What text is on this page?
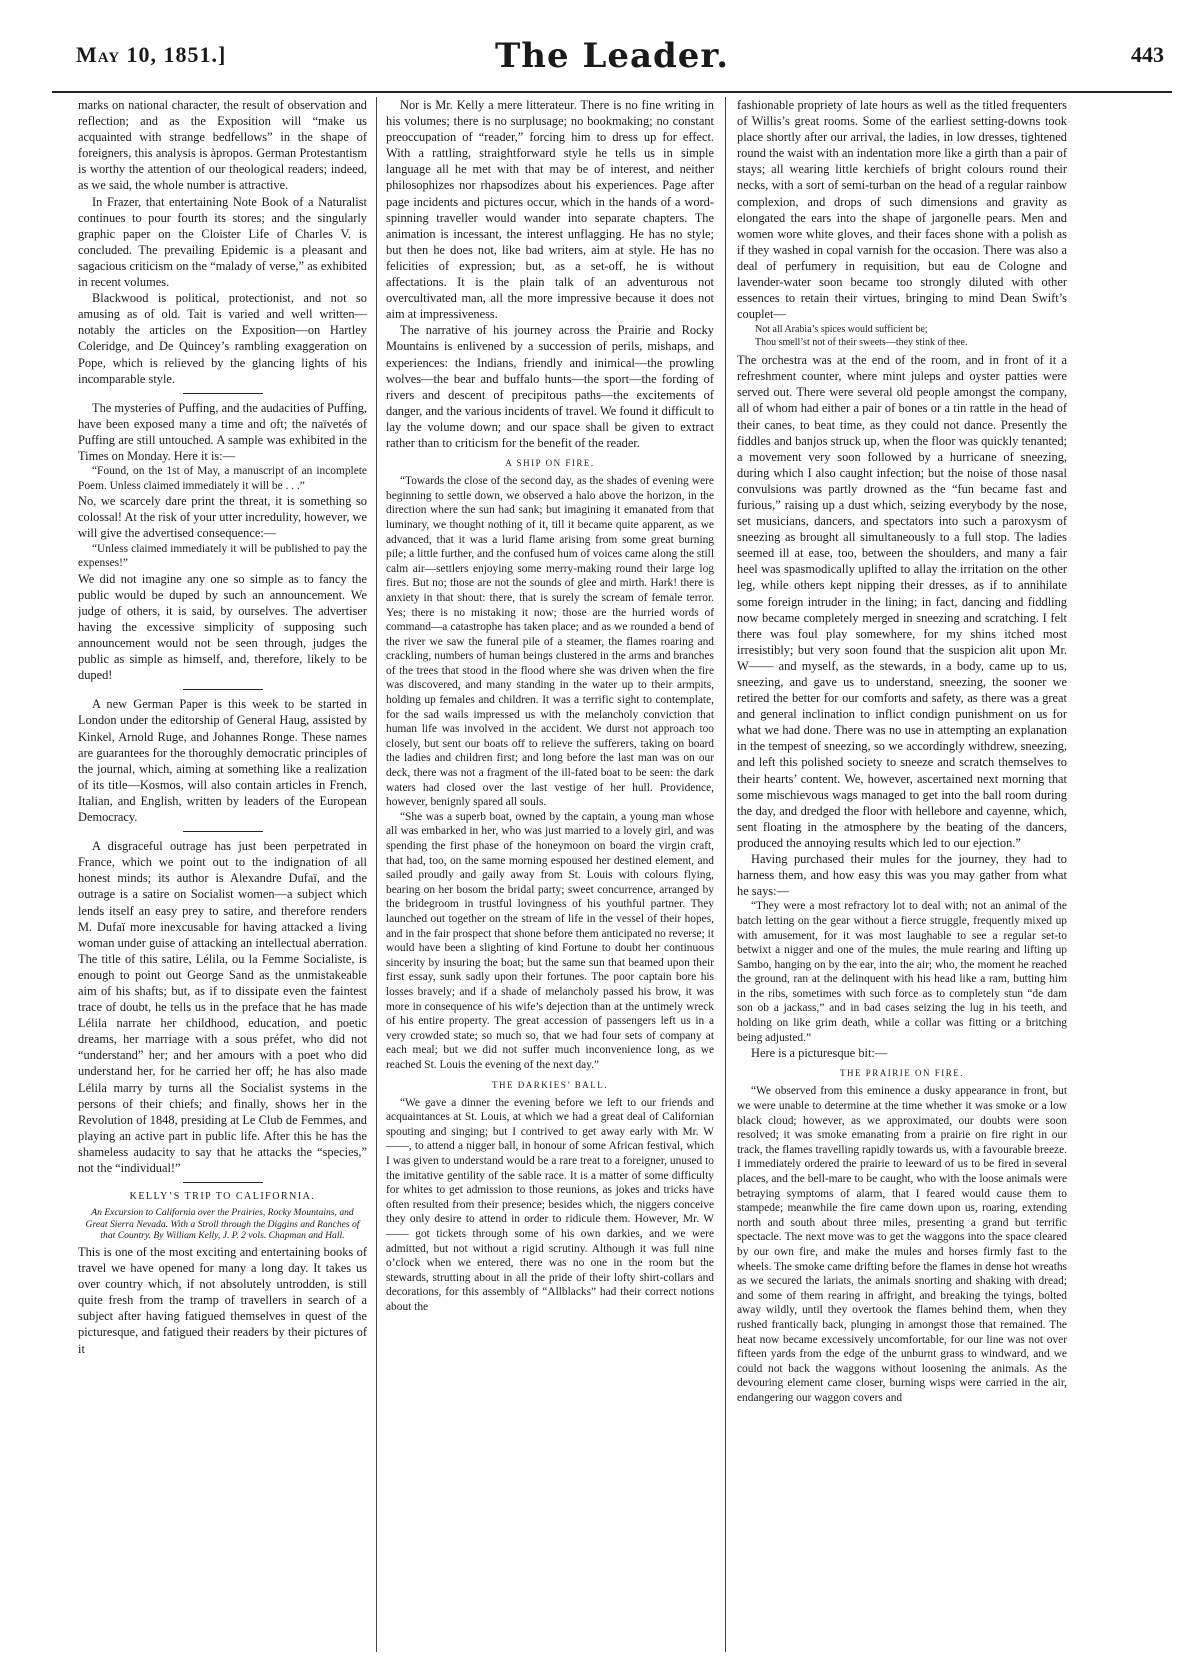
May 10, 1851.]	The Leader.	443

marks on national character, the result of observation and reflection; and as the Exposition will “make us acquainted with strange bedfellows” in the shape of foreigners, this analysis is àpropos. German Protestantism is worthy the attention of our theological readers; indeed, as we said, the whole number is attractive.

In Frazer, that entertaining Note Book of a Naturalist continues to pour fourth its stores; and the singularly graphic paper on the Cloister Life of Charles V. is concluded. The prevailing Epidemic is a pleasant and sagacious criticism on the “malady of verse,” as exhibited in recent volumes.

Blackwood is political, protectionist, and not so amusing as of old. Tait is varied and well written—notably the articles on the Exposition—on Hartley Coleridge, and De Quincey’s rambling exaggeration on Pope, which is relieved by the glancing lights of his incomparable style.

The mysteries of Puffing, and the audacities of Puffing, have been exposed many a time and oft; the naïvetés of Puffing are still untouched. A sample was exhibited in the Times on Monday. Here it is:—

“Found, on the 1st of May, a manuscript of an incomplete Poem. Unless claimed immediately it will be . . .”

No, we scarcely dare print the threat, it is something so colossal! At the risk of your utter incredulity, however, we will give the advertised consequence:—

“Unless claimed immediately it will be published to pay the expenses!”

We did not imagine any one so simple as to fancy the public would be duped by such an announcement. We judge of others, it is said, by ourselves. The advertiser having the excessive simplicity of supposing such announcement would not be seen through, judges the public as simple as himself, and, therefore, likely to be duped!

A new German Paper is this week to be started in London under the editorship of General Haug, assisted by Kinkel, Arnold Ruge, and Johannes Ronge. These names are guarantees for the thoroughly democratic principles of the journal, which, aiming at something like a realization of its title—Kosmos, will also contain articles in French, Italian, and English, written by leaders of the European Democracy.

A disgraceful outrage has just been perpetrated in France, which we point out to the indignation of all honest minds; its author is Alexandre Dufaï, and the outrage is a satire on Socialist women—a subject which lends itself an easy prey to satire, and therefore renders M. Dufaï more inexcusable for having attacked a living woman under guise of attacking an intellectual aberration. The title of this satire, Lélila, ou la Femme Socialiste, is enough to point out George Sand as the unmistakeable aim of his shafts; but, as if to dissipate even the faintest trace of doubt, he tells us in the preface that he has made Lélila narrate her childhood, education, and poetic dreams, her marriage with a sous préfet, who did not “understand” her; and her amours with a poet who did understand her, for he carried her off; he has also made Lélila marry by turns all the Socialist systems in the persons of their chiefs; and finally, shows her in the Revolution of 1848, presiding at Le Club de Femmes, and playing an active part in public life. After this he has the shameless audacity to say that he attacks the “species,” not the “individual!”

KELLY’S TRIP TO CALIFORNIA.

An Excursion to California over the Prairies, Rocky Mountains, and Great Sierra Nevada. With a Stroll through the Diggins and Ranches of that Country. By William Kelly, J. P. 2 vols. Chapman and Hall.

This is one of the most exciting and entertaining books of travel we have opened for many a long day. It takes us over country which, if not absolutely untrodden, is still quite fresh from the tramp of travellers in search of a subject after having fatigued themselves in quest of the picturesque, and fatigued their readers by their pictures of it

Nor is Mr. Kelly a mere litterateur. There is no fine writing in his volumes; there is no surplusage; no bookmaking; no constant preoccupation of “reader,” forcing him to dress up for effect. With a rattling, straightforward style he tells us in simple language all he met with that may be of interest, and neither philosophizes nor rhapsodizes about his experiences. Page after page incidents and pictures occur, which in the hands of a word-spinning traveller would wander into separate chapters. The animation is incessant, the interest unflagging. He has no style; but then he does not, like bad writers, aim at style. He has no felicities of expression; but, as a set-off, he is without affectations. It is the plain talk of an adventurous not overcultivated man, all the more impressive because it does not aim at impressiveness.

The narrative of his journey across the Prairie and Rocky Mountains is enlivened by a succession of perils, mishaps, and experiences: the Indians, friendly and inimical—the prowling wolves—the bear and buffalo hunts—the sport—the fording of rivers and descent of precipitous paths—the excitements of danger, and the various incidents of travel. We found it difficult to lay the volume down; and our space shall be given to extract rather than to criticism for the benefit of the reader.

A SHIP ON FIRE.

“Towards the close of the second day, as the shades of evening were beginning to settle down, we observed a halo above the horizon, in the direction where the sun had sank; but imagining it emanated from that luminary, we thought nothing of it, till it became quite apparent, as we advanced, that it was a lurid flame arising from some great burning pile; a little further, and the confused hum of voices came along the still calm air—settlers enjoying some merry-making round their large log fires. But no; those are not the sounds of glee and mirth. Hark! there is anxiety in that shout: there, that is surely the scream of female terror. Yes; there is no mistaking it now; those are the hurried words of command—a catastrophe has taken place; and as we rounded a bend of the river we saw the funeral pile of a steamer, the flames roaring and crackling, numbers of human beings clustered in the arms and branches of the trees that stood in the flood where she was driven when the fire was discovered, and many standing in the water up to their armpits, holding up females and children. It was a terrific sight to contemplate, for the sad wails impressed us with the melancholy conviction that human life was involved in the accident. We durst not approach too closely, but sent our boats off to relieve the sufferers, taking on board the ladies and children first; and long before the last man was on our deck, there was not a fragment of the ill-fated boat to be seen: the dark waters had closed over the last vestige of her hull. Providence, however, benignly spared all souls.

“She was a superb boat, owned by the captain, a young man whose all was embarked in her, who was just married to a lovely girl, and was spending the first phase of the honeymoon on board the virgin craft, that had, too, on the same morning espoused her destined element, and sailed proudly and gaily away from St. Louis with colours flying, bearing on her bosom the bridal party; sweet concurrence, arranged by the bridegroom in trustful lovingness of his youthful partner. They launched out together on the stream of life in the vessel of their hopes, and in the fair prospect that shone before them anticipated no reverse; it would have been a slighting of kind Fortune to doubt her continuous sincerity by insuring the boat; but the same sun that beamed upon their first essay, sunk sadly upon their fortunes. The poor captain bore his losses bravely; and if a shade of melancholy passed his brow, it was more in consequence of his wife’s dejection than at the untimely wreck of his entire property. The great accession of passengers left us in a very crowded state; so much so, that we had four sets of company at each meal; but we did not suffer much inconvenience long, as we reached St. Louis the evening of the next day.”

THE DARKIES’ BALL.

“We gave a dinner the evening before we left to our friends and acquaintances at St. Louis, at which we had a great deal of Californian spouting and singing; but I contrived to get away early with Mr. W——, to attend a nigger ball, in honour of some African festival, which I was given to understand would be a rare treat to a foreigner, unused to the imitative gentility of the sable race. It is a matter of some difficulty for whites to get admission to those reunions, as jokes and tricks have often resulted from their presence; besides which, the niggers conceive they only desire to attend in order to ridicule them. However, Mr. W—— got tickets through some of his own darkies, and we were admitted, but not without a rigid scrutiny. Although it was full nine o’clock when we entered, there was no one in the room but the stewards, strutting about in all the pride of their lofty shirt-collars and decorations, for this assembly of “Allblacks” had their correct notions about the

fashionable propriety of late hours as well as the titled frequenters of Willis’s great rooms. Some of the earliest setting-downs took place shortly after our arrival, the ladies, in low dresses, tightened round the waist with an indentation more like a girth than a pair of stays; all wearing little kerchiefs of bright colours round their necks, with a sort of semi-turban on the head of a regular rainbow complexion, and drops of such dimensions and gravity as elongated the ears into the shape of jargonelle pears. Men and women wore white gloves, and their faces shone with a polish as if they washed in copal varnish for the occasion. There was also a deal of perfumery in requisition, but eau de Cologne and lavender-water soon became too strongly diluted with other essences to retain their virtues, bringing to mind Dean Swift’s couplet—

Not all Arabia’s spices would sufficient be;
Thou smell’st not of their sweets—they stink of thee.

The orchestra was at the end of the room, and in front of it a refreshment counter, where mint juleps and oyster patties were served out. There were several old people amongst the company, all of whom had either a pair of bones or a tin rattle in the head of their canes, to beat time, as they could not dance. Presently the fiddles and banjos struck up, when the floor was quickly tenanted; a movement very soon followed by a hurricane of sneezing, during which I also caught infection; but the noise of those nasal convulsions was partly drowned as the “fun became fast and furious,” raising up a dust which, seizing everybody by the nose, set musicians, dancers, and spectators into such a paroxysm of sneezing as brought all simultaneously to a full stop. The ladies seemed ill at ease, too, between the shoulders, and many a fair heel was spasmodically uplifted to allay the irritation on the other leg, while others kept nipping their dresses, as if to annihilate some foreign intruder in the lining; in fact, dancing and fiddling now became completely merged in sneezing and scratching. I felt there was foul play somewhere, for my shins itched most irresistibly; but very soon found that the suspicion alit upon Mr. W—— and myself, as the stewards, in a body, came up to us, sneezing, and gave us to understand, sneezing, the sooner we retired the better for our comforts and safety, as there was a great and general inclination to inflict condign punishment on us for what we had done. There was no use in attempting an explanation in the tempest of sneezing, so we accordingly withdrew, sneezing, and left this polished society to sneeze and scratch themselves to their hearts’ content. We, however, ascertained next morning that some mischievous wags managed to get into the ball room during the day, and dredged the floor with hellebore and cayenne, which, sent floating in the atmosphere by the beating of the dancers, produced the annoying results which led to our ejection.”

Having purchased their mules for the journey, they had to harness them, and how easy this was you may gather from what he says:—

“They were a most refractory lot to deal with; not an animal of the batch letting on the gear without a fierce struggle, frequently mixed up with amusement, for it was most laughable to see a regular set-to betwixt a nigger and one of the mules, the mule rearing and lifting up Sambo, hanging on by the ear, into the air; who, the moment he reached the ground, ran at the delinquent with his head like a ram, butting him in the ribs, sometimes with such force as to completely stun “de dam son ob a jackass,” and in bad cases seizing the lug in his teeth, and holding on like grim death, while a collar was fitting or a britching being adjusted.”

Here is a picturesque bit:—

THE PRAIRIE ON FIRE.

“We observed from this eminence a dusky appearance in front, but we were unable to determine at the time whether it was smoke or a low black cloud; however, as we approximated, our doubts were soon resolved; it was smoke emanating from a prairie on fire right in our track, the flames travelling rapidly towards us, with a favourable breeze. I immediately ordered the prairie to leeward of us to be fired in several places, and the bell-mare to be caught, who with the loose animals were betraying symptoms of alarm, that I feared would cause them to stampede; meanwhile the fire came down upon us, roaring, extending north and south about three miles, presenting a grand but terrific spectacle. The next move was to get the waggons into the space cleared by our own fire, and make the mules and horses firmly fast to the wheels. The smoke came drifting before the flames in dense hot wreaths as we secured the lariats, the animals snorting and shaking with dread; and some of them rearing in affright, and breaking the tyings, bolted away wildly, until they overtook the flames behind them, when they rushed frantically back, plunging in amongst those that remained. The heat now became excessively uncomfortable, for our line was not over fifteen yards from the edge of the unburnt grass to windward, and we could not back the waggons without loosening the animals. As the devouring element came closer, burning wisps were carried in the air, endangering our waggon covers and
